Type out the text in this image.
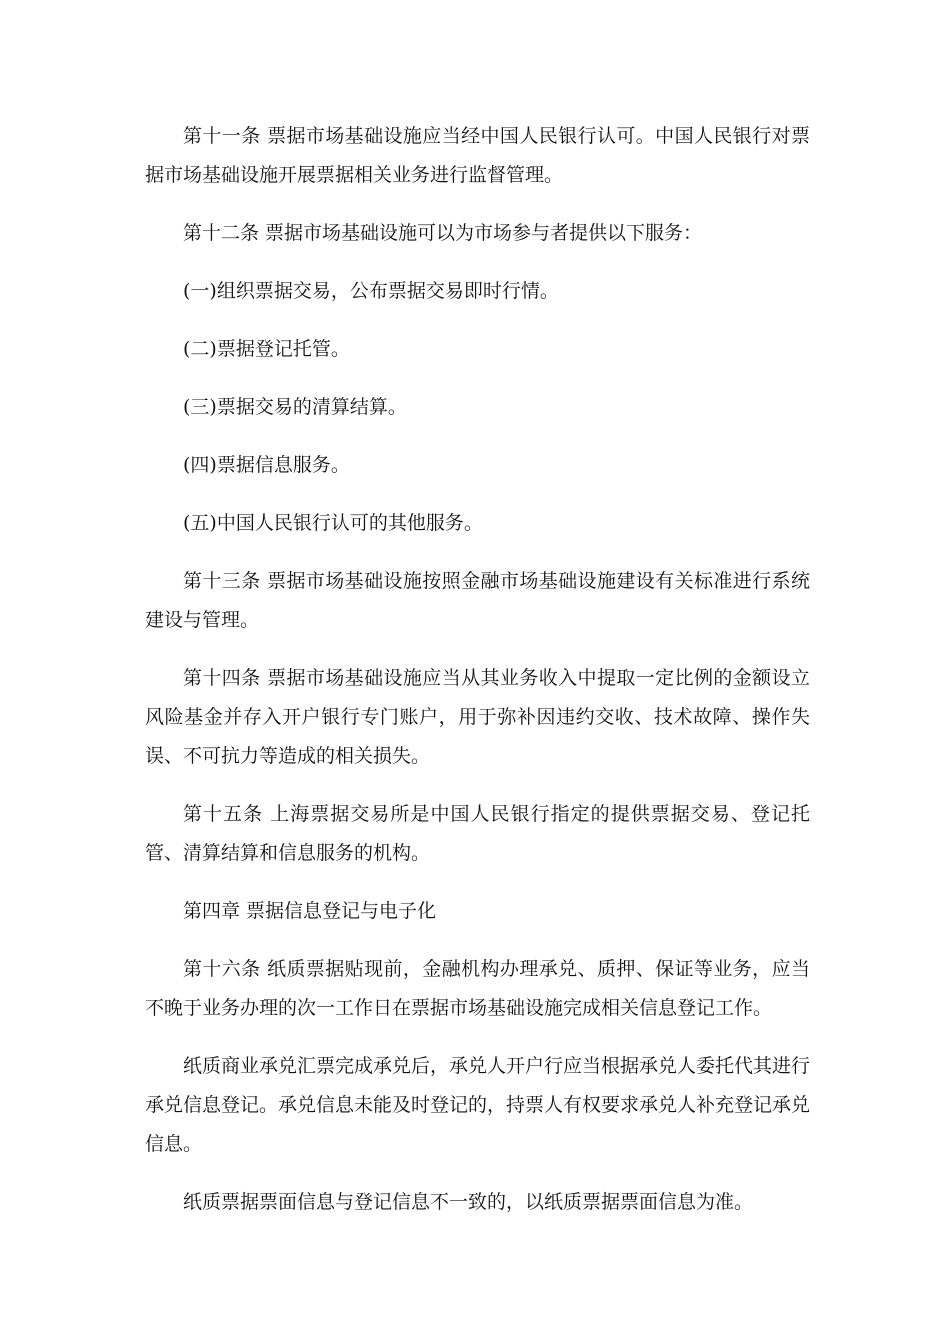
第十一条 票据市场基础设施应当经中国人民银行认可。中国人民银行对票据市场基础设施开展票据相关业务进行监督管理。

第十二条 票据市场基础设施可以为市场参与者提供以下服务：

(一)组织票据交易，公布票据交易即时行情。

(二)票据登记托管。

(三)票据交易的清算结算。

(四)票据信息服务。

(五)中国人民银行认可的其他服务。

第十三条 票据市场基础设施按照金融市场基础设施建设有关标准进行系统建设与管理。

第十四条 票据市场基础设施应当从其业务收入中提取一定比例的金额设立风险基金并存入开户银行专门账户，用于弥补因违约交收、技术故障、操作失误、不可抗力等造成的相关损失。

第十五条 上海票据交易所是中国人民银行指定的提供票据交易、登记托管、清算结算和信息服务的机构。

第四章 票据信息登记与电子化

第十六条 纸质票据贴现前，金融机构办理承兑、质押、保证等业务，应当不晚于业务办理的次一工作日在票据市场基础设施完成相关信息登记工作。

纸质商业承兑汇票完成承兑后，承兑人开户行应当根据承兑人委托代其进行承兑信息登记。承兑信息未能及时登记的，持票人有权要求承兑人补充登记承兑信息。

纸质票据票面信息与登记信息不一致的，以纸质票据票面信息为准。
